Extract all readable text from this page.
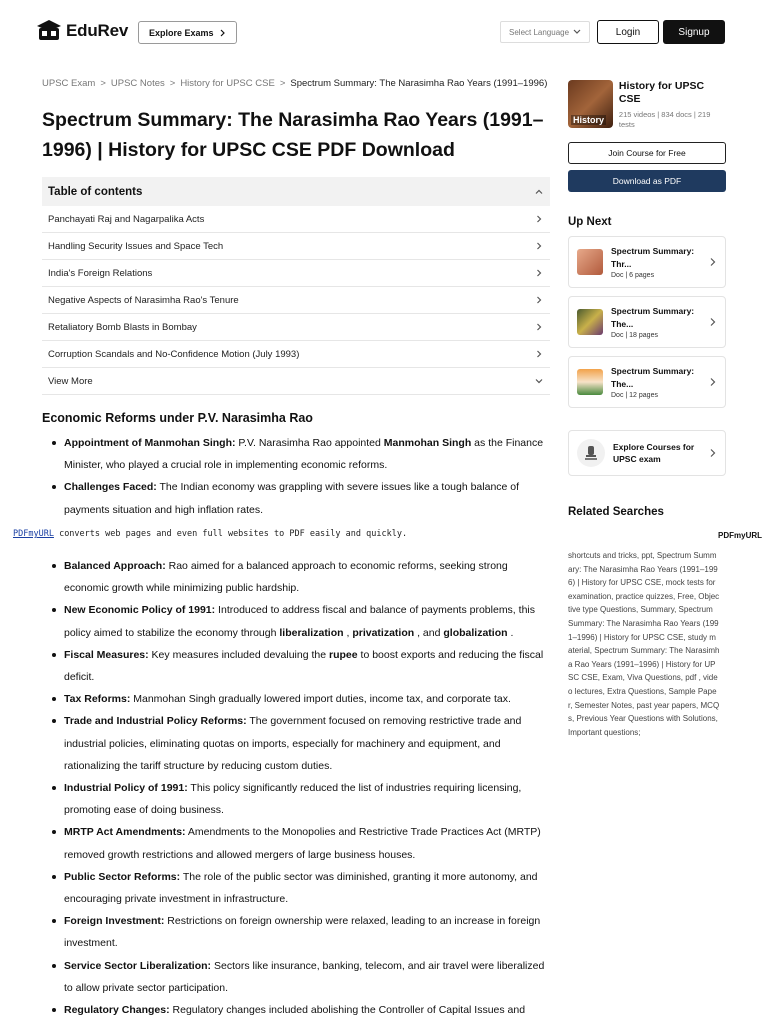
EduRev Explore Exams	Select Language	Login	Signup
UPSC Exam > UPSC Notes > History for UPSC CSE > Spectrum Summary: The Narasimha Rao Years (1991–1996)
Spectrum Summary: The Narasimha Rao Years (1991–1996) | History for UPSC CSE PDF Download
Table of contents
Panchayati Raj and Nagarpalika Acts
Handling Security Issues and Space Tech
India's Foreign Relations
Negative Aspects of Narasimha Rao's Tenure
Retaliatory Bomb Blasts in Bombay
Corruption Scandals and No-Confidence Motion (July 1993)
View More
Economic Reforms under P.V. Narasimha Rao
Appointment of Manmohan Singh: P.V. Narasimha Rao appointed Manmohan Singh as the Finance Minister, who played a crucial role in implementing economic reforms.
Challenges Faced: The Indian economy was grappling with severe issues like a tough balance of payments situation and high inflation rates.
PDFmyURL converts web pages and even full websites to PDF easily and quickly.
Balanced Approach: Rao aimed for a balanced approach to economic reforms, seeking strong economic growth while minimizing public hardship.
New Economic Policy of 1991: Introduced to address fiscal and balance of payments problems, this policy aimed to stabilize the economy through liberalization , privatization , and globalization .
Fiscal Measures: Key measures included devaluing the rupee to boost exports and reducing the fiscal deficit.
Tax Reforms: Manmohan Singh gradually lowered import duties, income tax, and corporate tax.
Trade and Industrial Policy Reforms: The government focused on removing restrictive trade and industrial policies, eliminating quotas on imports, especially for machinery and equipment, and rationalizing the tariff structure by reducing custom duties.
Industrial Policy of 1991: This policy significantly reduced the list of industries requiring licensing, promoting ease of doing business.
MRTP Act Amendments: Amendments to the Monopolies and Restrictive Trade Practices Act (MRTP) removed growth restrictions and allowed mergers of large business houses.
Public Sector Reforms: The role of the public sector was diminished, granting it more autonomy, and encouraging private investment in infrastructure.
Foreign Investment: Restrictions on foreign ownership were relaxed, leading to an increase in foreign investment.
Service Sector Liberalization: Sectors like insurance, banking, telecom, and air travel were liberalized to allow private sector participation.
Regulatory Changes: Regulatory changes included abolishing the Controller of Capital Issues and
History
History for UPSC CSE
215 videos | 834 docs | 219 tests
Join Course for Free
Download as PDF
Up Next
Spectrum Summary: Thr...
Doc | 6 pages
Spectrum Summary: The...
Doc | 18 pages
Spectrum Summary: The...
Doc | 12 pages
Explore Courses for UPSC exam
Related Searches
shortcuts and tricks, ppt, Spectrum Summary: The Narasimha Rao Years (1991–1996) | History for UPSC CSE, mock tests for examination, practice quizzes, Free, Objective type Questions, Summary, Spectrum Summary: The Narasimha Rao Years (1991–1996) | History for UPSC CSE, study material, Spectrum Summary: The Narasimha Rao Years (1991–1996) | History for UPSC CSE, Exam, Viva Questions, pdf , video lectures, Extra Questions, Sample Paper, Semester Notes, past year papers, MCQs, Previous Year Questions with Solutions, Important questions;
PDFmyURL
